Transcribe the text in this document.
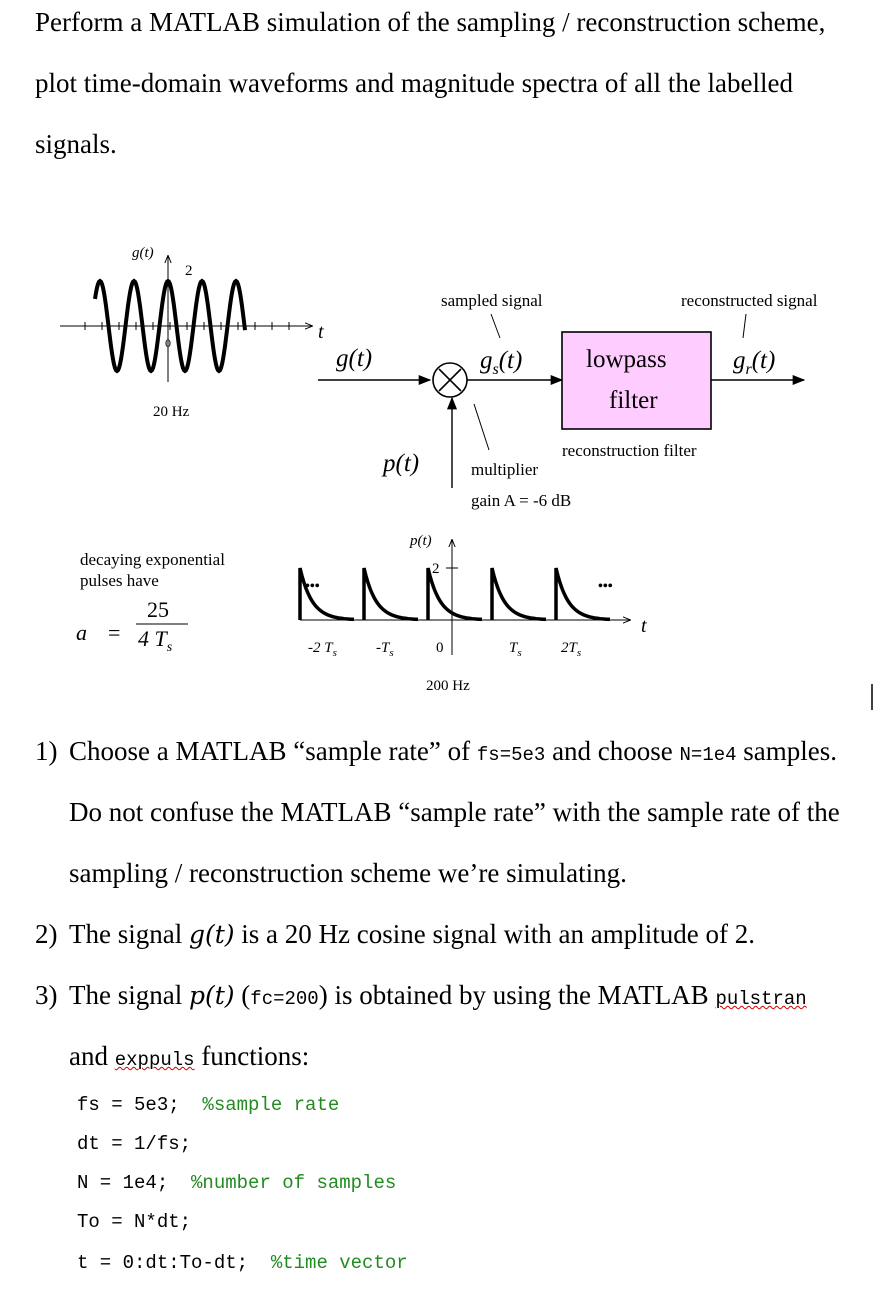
Perform a MATLAB simulation of the sampling / reconstruction scheme,
plot time-domain waveforms and magnitude spectra of all the labelled
signals.
g(t)
2
0	t
20 Hz
sampled signal	reconstructed signal
g(t)	$g_s(t)$	lowpass
filter
$g_r(t)$
reconstruction filter
p(t)	multiplier
gain A = -6 dB
decaying exponential
pulses have
a =
25
4 $T_s$
p(t)
2
•••	•••
t
-2 $T_s$	$-T_s$	0	$T_s$	$2T_s$
200 Hz
1) Choose a MATLAB “sample rate” of fs=5e3 and choose N=1e4 samples.
Do not confuse the MATLAB “sample rate” with the sample rate of the
sampling / reconstruction scheme we’re simulating.
2) The signal g(t) is a 20 Hz cosine signal with an amplitude of 2.
3) The signal p(t) (fc=200) is obtained by using the MATLAB pulstran
and exppuls functions:
fs = 5e3;  %sample rate
dt = 1/fs;
N = 1e4;  %number of samples
To = N*dt;
t = 0:dt:To-dt;  %time vector
